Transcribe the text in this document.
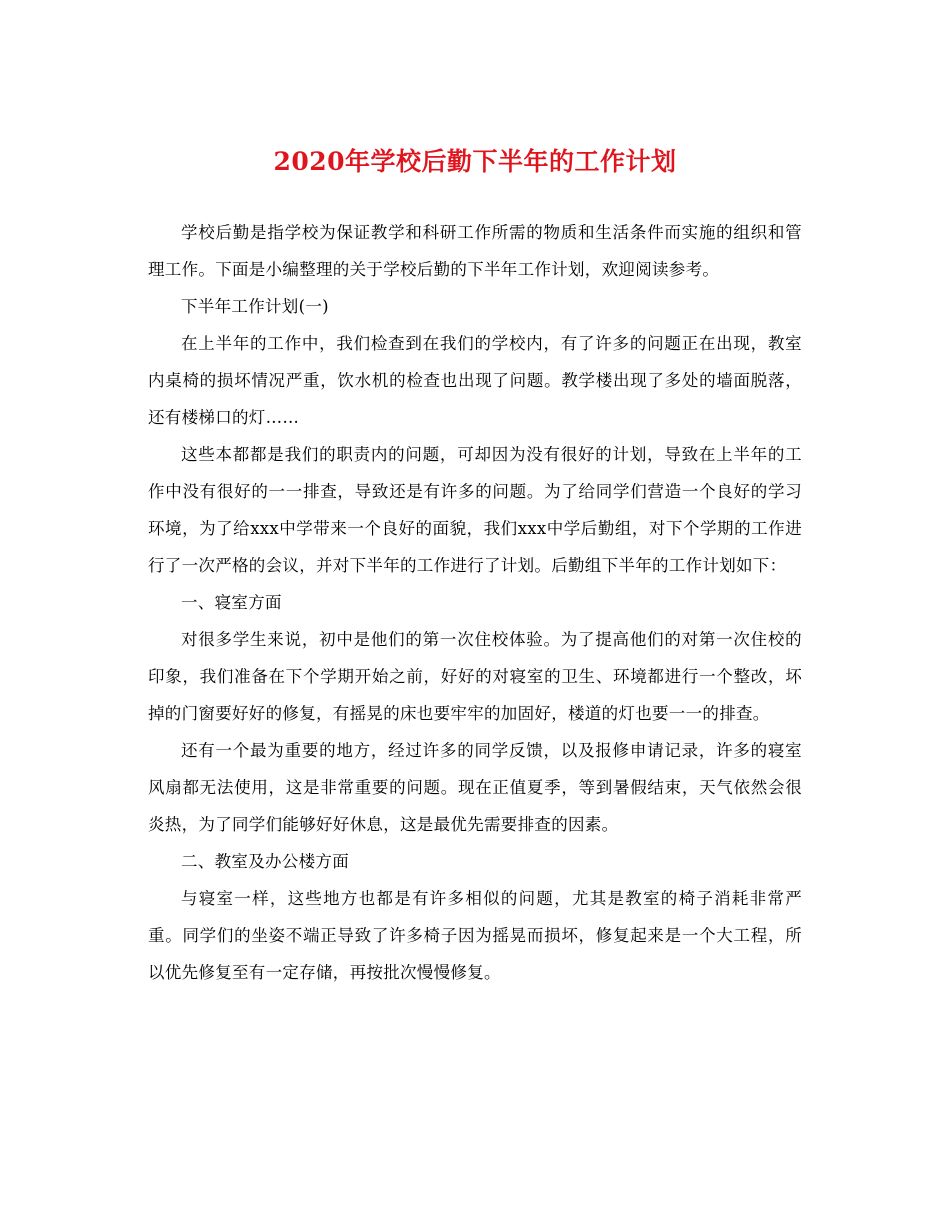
2020年学校后勤下半年的工作计划

学校后勤是指学校为保证教学和科研工作所需的物质和生活条件而实施的组织和管理工作。下面是小编整理的关于学校后勤的下半年工作计划，欢迎阅读参考。

下半年工作计划(一)

在上半年的工作中，我们检查到在我们的学校内，有了许多的问题正在出现，教室内桌椅的损坏情况严重，饮水机的检查也出现了问题。教学楼出现了多处的墙面脱落，还有楼梯口的灯……

这些本都都是我们的职责内的问题，可却因为没有很好的计划，导致在上半年的工作中没有很好的一一排查，导致还是有许多的问题。为了给同学们营造一个良好的学习环境，为了给xxx中学带来一个良好的面貌，我们xxx中学后勤组，对下个学期的工作进行了一次严格的会议，并对下半年的工作进行了计划。后勤组下半年的工作计划如下：

一、寝室方面

对很多学生来说，初中是他们的第一次住校体验。为了提高他们的对第一次住校的印象，我们准备在下个学期开始之前，好好的对寝室的卫生、环境都进行一个整改，坏掉的门窗要好好的修复，有摇晃的床也要牢牢的加固好，楼道的灯也要一一的排查。

还有一个最为重要的地方，经过许多的同学反馈，以及报修申请记录，许多的寝室风扇都无法使用，这是非常重要的问题。现在正值夏季，等到暑假结束，天气依然会很炎热，为了同学们能够好好休息，这是最优先需要排查的因素。

二、教室及办公楼方面

与寝室一样，这些地方也都是有许多相似的问题，尤其是教室的椅子消耗非常严重。同学们的坐姿不端正导致了许多椅子因为摇晃而损坏，修复起来是一个大工程，所以优先修复至有一定存储，再按批次慢慢修复。
